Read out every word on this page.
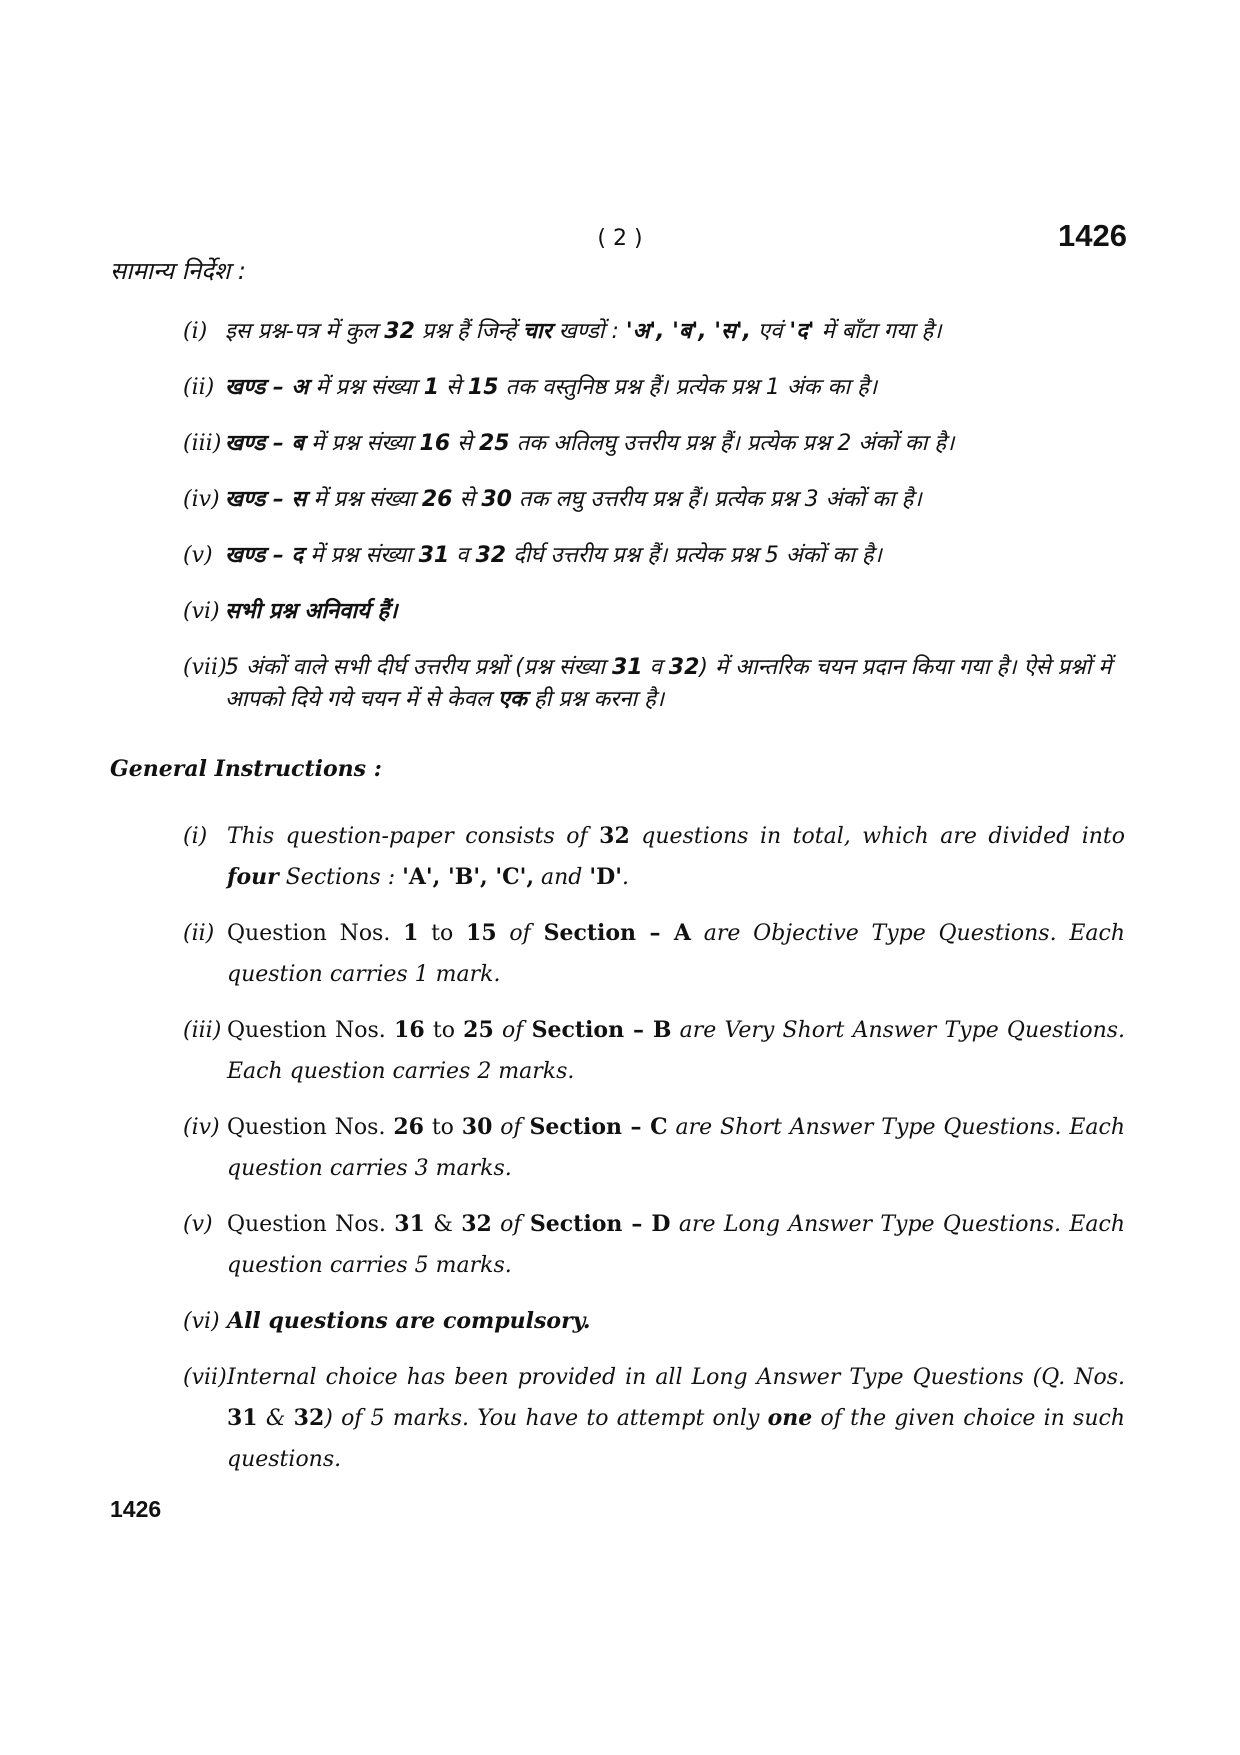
( 2 )	1426
सामान्य निर्देश :
(i) इस प्रश्न-पत्र में कुल 32 प्रश्न हैं जिन्हें चार खण्डों : 'अ', 'ब', 'स', एवं 'द' में बाँटा गया है।
(ii) खण्ड – अ में प्रश्न संख्या 1 से 15 तक वस्तुनिष्ठ प्रश्न हैं। प्रत्येक प्रश्न 1 अंक का है।
(iii) खण्ड – ब में प्रश्न संख्या 16 से 25 तक अतिलघु उत्तरीय प्रश्न हैं। प्रत्येक प्रश्न 2 अंकों का है।
(iv) खण्ड – स में प्रश्न संख्या 26 से 30 तक लघु उत्तरीय प्रश्न हैं। प्रत्येक प्रश्न 3 अंकों का है।
(v) खण्ड – द में प्रश्न संख्या 31 व 32 दीर्घ उत्तरीय प्रश्न हैं। प्रत्येक प्रश्न 5 अंकों का है।
(vi) सभी प्रश्न अनिवार्य हैं।
(vii)
5 अंकों वाले सभी दीर्घ उत्तरीय प्रश्नों (प्रश्न संख्या 31 व 32) में आन्तरिक चयन प्रदान किया गया है। ऐसे प्रश्नों में आपको दिये गये चयन में से केवल एक ही प्रश्न करना है।
General Instructions :
(i) This question-paper consists of 32 questions in total, which are divided into four Sections : 'A', 'B', 'C', and 'D'.
(ii) Question Nos. 1 to 15 of Section – A are Objective Type Questions. Each question carries 1 mark.
(iii) Question Nos. 16 to 25 of Section – B are Very Short Answer Type Questions. Each question carries 2 marks.
(iv) Question Nos. 26 to 30 of Section – C are Short Answer Type Questions. Each question carries 3 marks.
(v) Question Nos. 31 & 32 of Section – D are Long Answer Type Questions. Each question carries 5 marks.
(vi) All questions are compulsory.
(vii) Internal choice has been provided in all Long Answer Type Questions (Q. Nos. 31 & 32) of 5 marks. You have to attempt only one of the given choice in such questions.
1426
